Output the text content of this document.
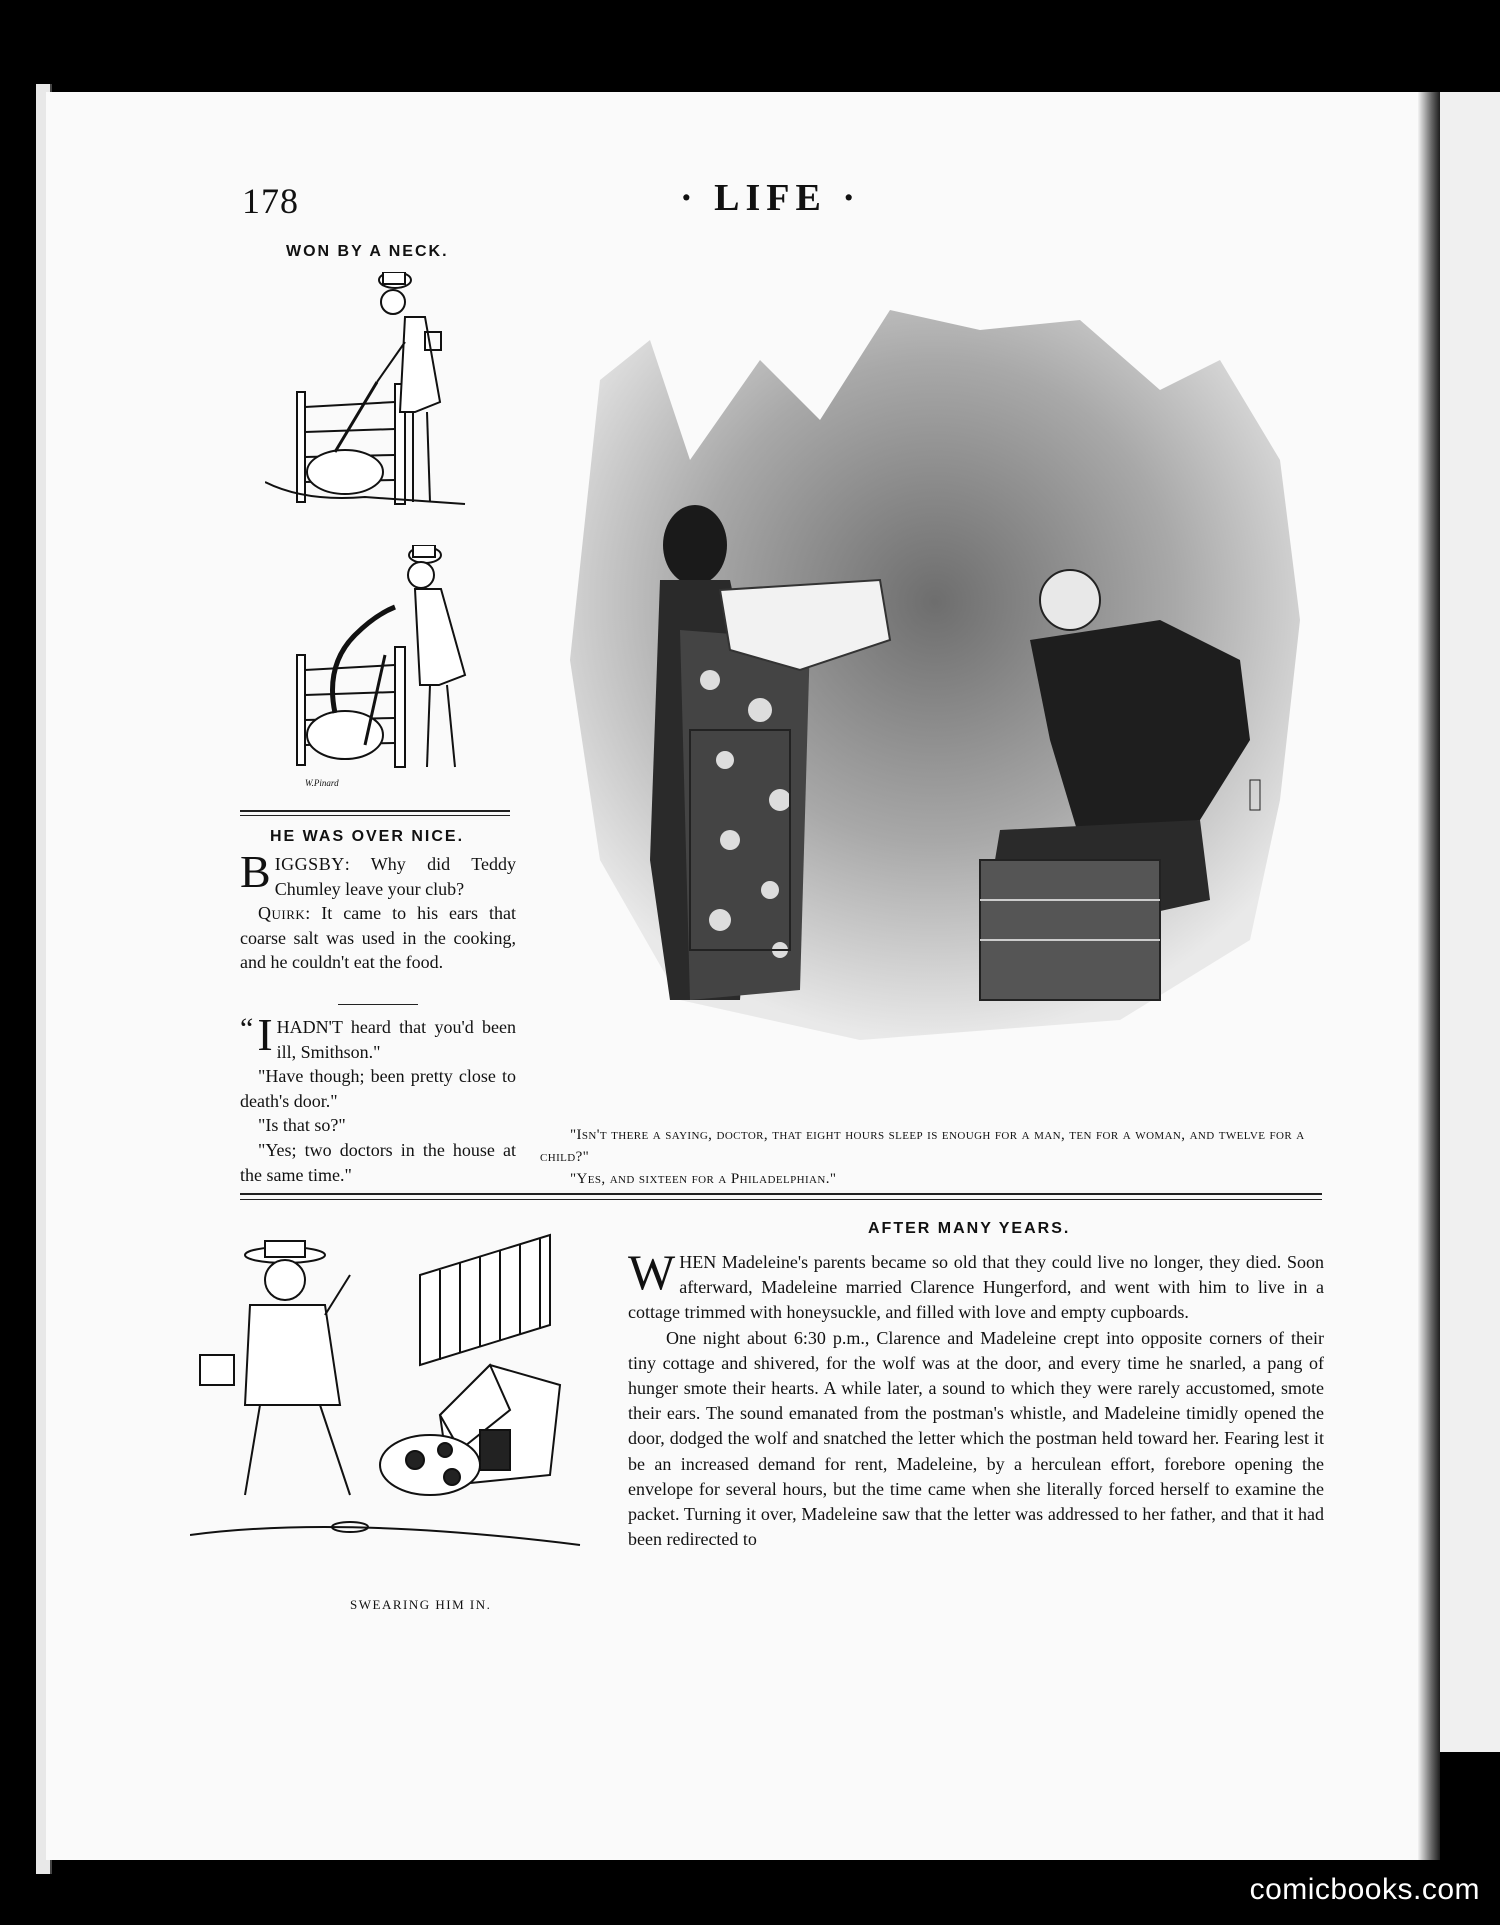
178	· LIFE ·
WON BY A NECK.
W.Pinard
HE WAS OVER NICE.
BIGGSBY: Why did Teddy Chumley leave your club?
Quirk: It came to his ears that coarse salt was used in the cooking, and he couldn't eat the food.
“ I HADN'T heard that you'd been ill, Smithson."
"Have though; been pretty close to death's door."
"Is that so?"
"Yes; two doctors in the house at the same time."

"Isn't there a saying, doctor, that eight hours sleep is enough for a man, ten for a woman, and twelve for a child?"

"Yes, and sixteen for a Philadelphian."

SWEARING HIM IN.
AFTER MANY YEARS.

WHEN Madeleine's parents became so old that they could live no longer, they died. Soon afterward, Madeleine married Clarence Hungerford, and went with him to live in a cottage trimmed with honeysuckle, and filled with love and empty cupboards.

One night about 6:30 p.m., Clarence and Madeleine crept into opposite corners of their tiny cottage and shivered, for the wolf was at the door, and every time he snarled, a pang of hunger smote their hearts. A while later, a sound to which they were rarely accustomed, smote their ears. The sound emanated from the postman's whistle, and Madeleine timidly opened the door, dodged the wolf and snatched the letter which the postman held toward her. Fearing lest it be an increased demand for rent, Madeleine, by a herculean effort, forebore opening the envelope for several hours, but the time came when she literally forced herself to examine the packet. Turning it over, Madeleine saw that the letter was addressed to her father, and that it had been redirected to

comicbooks.com
